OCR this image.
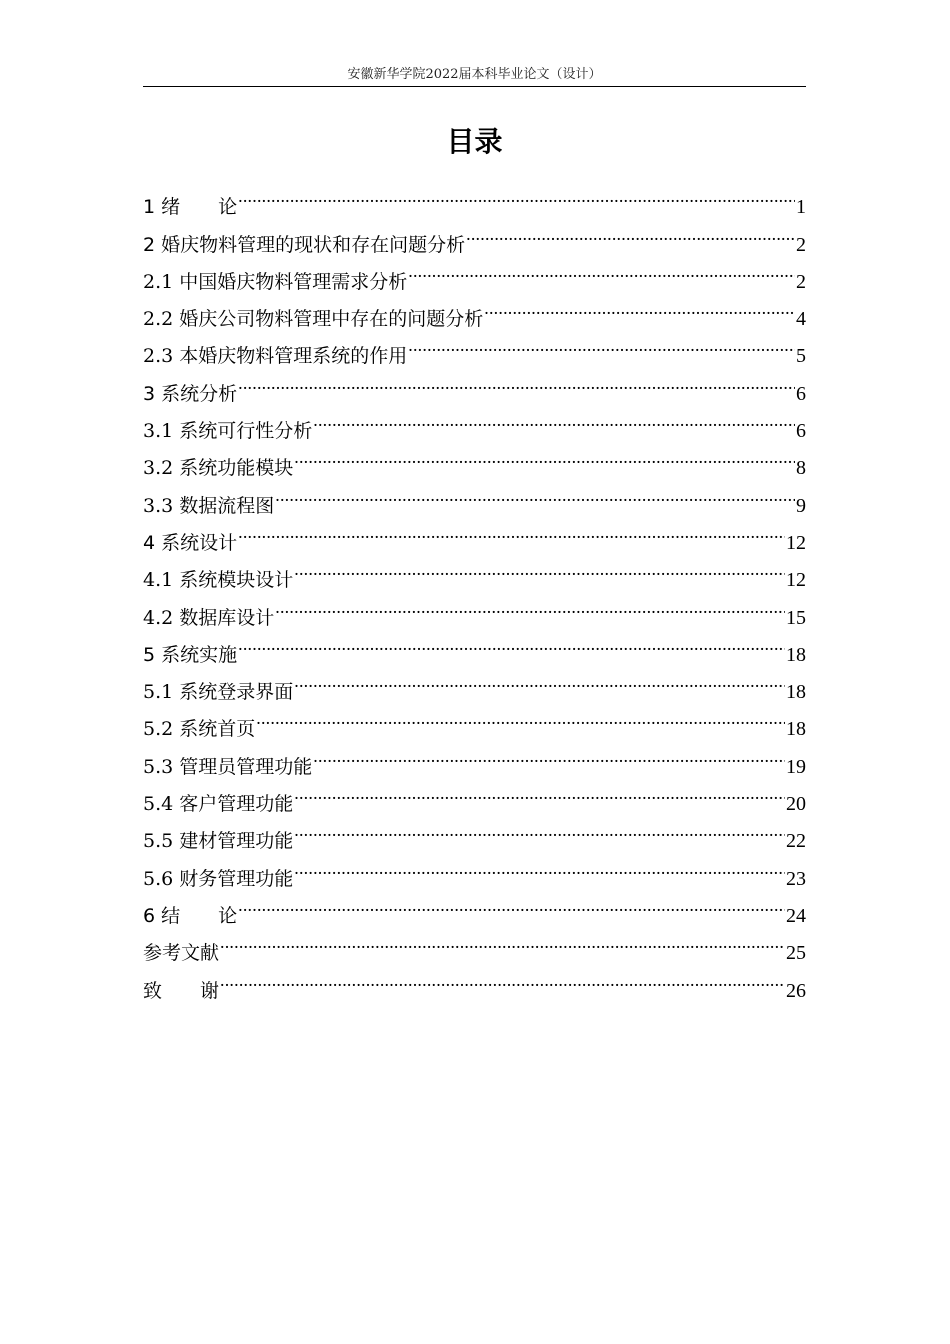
安徽新华学院2022届本科毕业论文（设计）
目录
1 绪　　论 .....	1
2 婚庆物料管理的现状和存在问题分析 .....	2
2.1 中国婚庆物料管理需求分析 .....	2
2.2 婚庆公司物料管理中存在的问题分析 .....	4
2.3 本婚庆物料管理系统的作用 .....	5
3 系统分析 .....	6
3.1 系统可行性分析 .....	6
3.2 系统功能模块 .....	8
3.3 数据流程图 .....	9
4 系统设计 .....	12
4.1 系统模块设计 .....	12
4.2 数据库设计 .....	15
5 系统实施 .....	18
5.1 系统登录界面 .....	18
5.2 系统首页 .....	18
5.3 管理员管理功能 .....	19
5.4 客户管理功能 .....	20
5.5 建材管理功能 .....	22
5.6 财务管理功能 .....	23
6 结　　论 .....	24
参考文献 .....	25
致　　谢 .....	26
